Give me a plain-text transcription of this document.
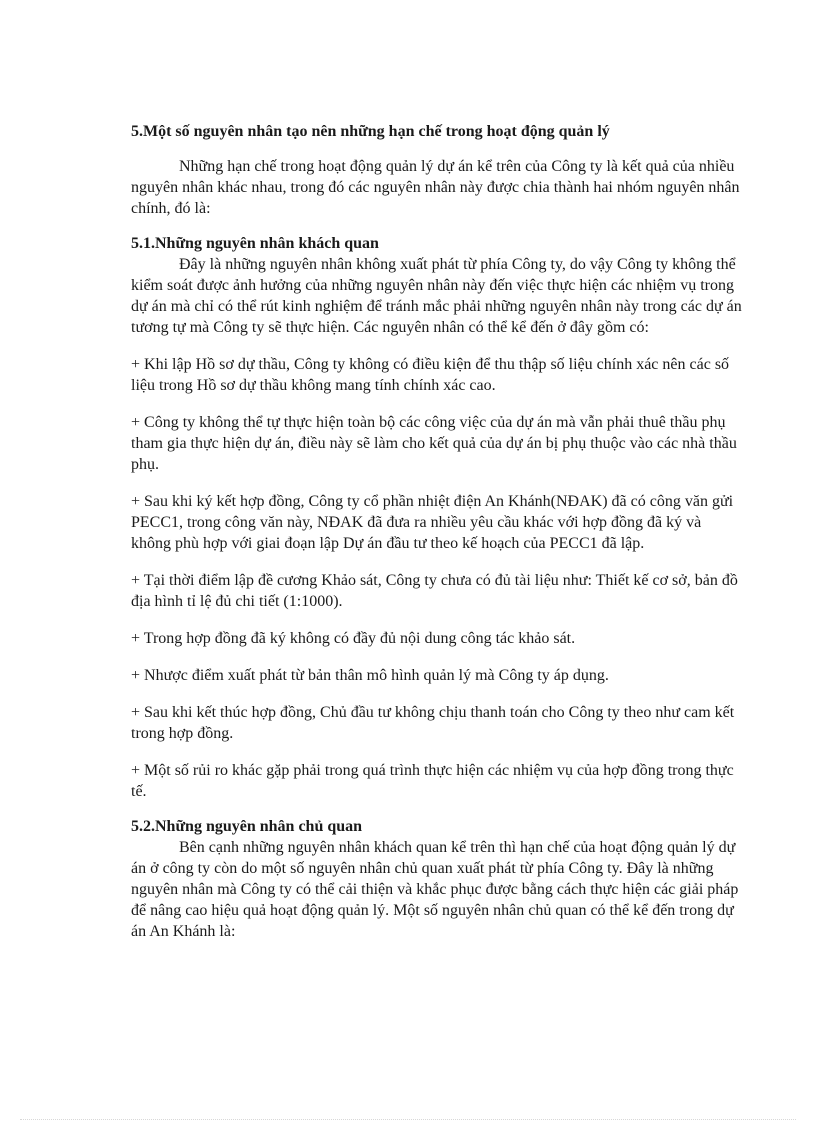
5.Một số nguyên nhân tạo nên những hạn chế trong hoạt động quản lý

Những hạn chế trong hoạt động quản lý dự án kể trên của Công ty là kết quả của nhiều nguyên nhân khác nhau, trong đó các nguyên nhân này được chia thành hai nhóm nguyên nhân chính, đó là:

5.1.Những nguyên nhân khách quan

Đây là những nguyên nhân không xuất phát từ phía Công ty, do vậy Công ty không thể kiểm soát được ảnh hưởng của những nguyên nhân này đến việc thực hiện các nhiệm vụ trong dự án mà chỉ có thể rút kinh nghiệm để tránh mắc phải những nguyên nhân này trong các dự án tương tự mà Công ty sẽ thực hiện. Các nguyên nhân có thể kể đến ở đây gồm có:

+ Khi lập Hồ sơ dự thầu, Công ty không có điều kiện để thu thập số liệu chính xác nên các số liệu trong Hồ sơ dự thầu không mang tính chính xác cao.

+ Công ty không thể tự thực hiện toàn bộ các công việc của dự án mà vẫn phải thuê thầu phụ tham gia thực hiện dự án, điều này sẽ làm cho kết quả của dự án bị phụ thuộc vào các nhà thầu phụ.

+ Sau khi ký kết hợp đồng, Công ty cổ phần nhiệt điện An Khánh(NĐAK) đã có công văn gửi PECC1, trong công văn này, NĐAK đã đưa ra nhiều yêu cầu khác với hợp đồng đã ký và không phù hợp với giai đoạn lập Dự án đầu tư theo kế hoạch của PECC1 đã lập.

+ Tại thời điểm lập đề cương Khảo sát, Công ty chưa có đủ tài liệu như: Thiết kế cơ sở, bản đồ địa hình tỉ lệ đủ chi tiết (1:1000).

+ Trong hợp đồng đã ký không có đầy đủ nội dung công tác khảo sát.

+ Nhược điểm xuất phát từ bản thân mô hình quản lý mà Công ty áp dụng.

+ Sau khi kết thúc hợp đồng, Chủ đầu tư không chịu thanh toán cho Công ty theo như cam kết trong hợp đồng.

+ Một số rủi ro khác gặp phải trong quá trình thực hiện các nhiệm vụ của hợp đồng trong thực tế.

5.2.Những nguyên nhân chủ quan

Bên cạnh những nguyên nhân khách quan kể trên thì hạn chế của hoạt động quản lý dự án ở công ty còn do một số nguyên nhân chủ quan xuất phát từ phía Công ty. Đây là những nguyên nhân mà Công ty có thể cải thiện và khắc phục được bằng cách thực hiện các giải pháp để nâng cao hiệu quả hoạt động quản lý. Một số nguyên nhân chủ quan có thể kể đến trong dự án An Khánh là:
